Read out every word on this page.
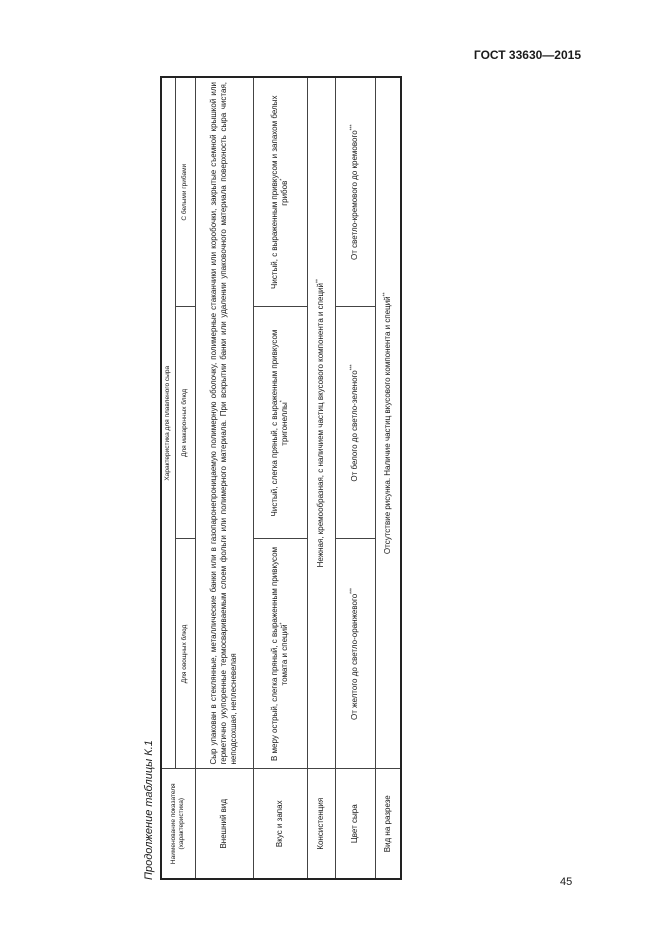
ГОСТ 33630—2015
Продолжение таблицы К.1 Наименование показателя (характеристика)	Характеристика для плавленого сыра		
	Для овощных блюд	Для макаронных блюд	С белыми грибами
Внешний вид	Сыр упакован в стеклянные, металлические банки или в газопаронепроницаемую полимерную оболочку, полимерные стаканчики или коробочки, закрытые съемной крышкой или герметично укупоренные термосвариваемым слоем фольги или полимерного материала. При вскрытии банки или удалении упаковочного материала поверхность сыра чистая, неподсохшая, неплесневелая		
Вкус и запах	В меру острый, слегка пряный, с выраженным привкусом томата и специй*	Чистый, слегка пряный, с выраженным привкусом тригонеллы*	Чистый, с выраженным привкусом и запахом белых грибов*
Консистенция	Нежная, кремообразная, с наличием частиц вкусового компонента и специй**
Цвет сыра	От желтого до светло-оранжевого***	От белого до светло-зеленого***	От светло-кремового до кремового***
Вид на разрезе	Отсутствие рисунка. Наличие частиц вкусового компонента и специй**
45
